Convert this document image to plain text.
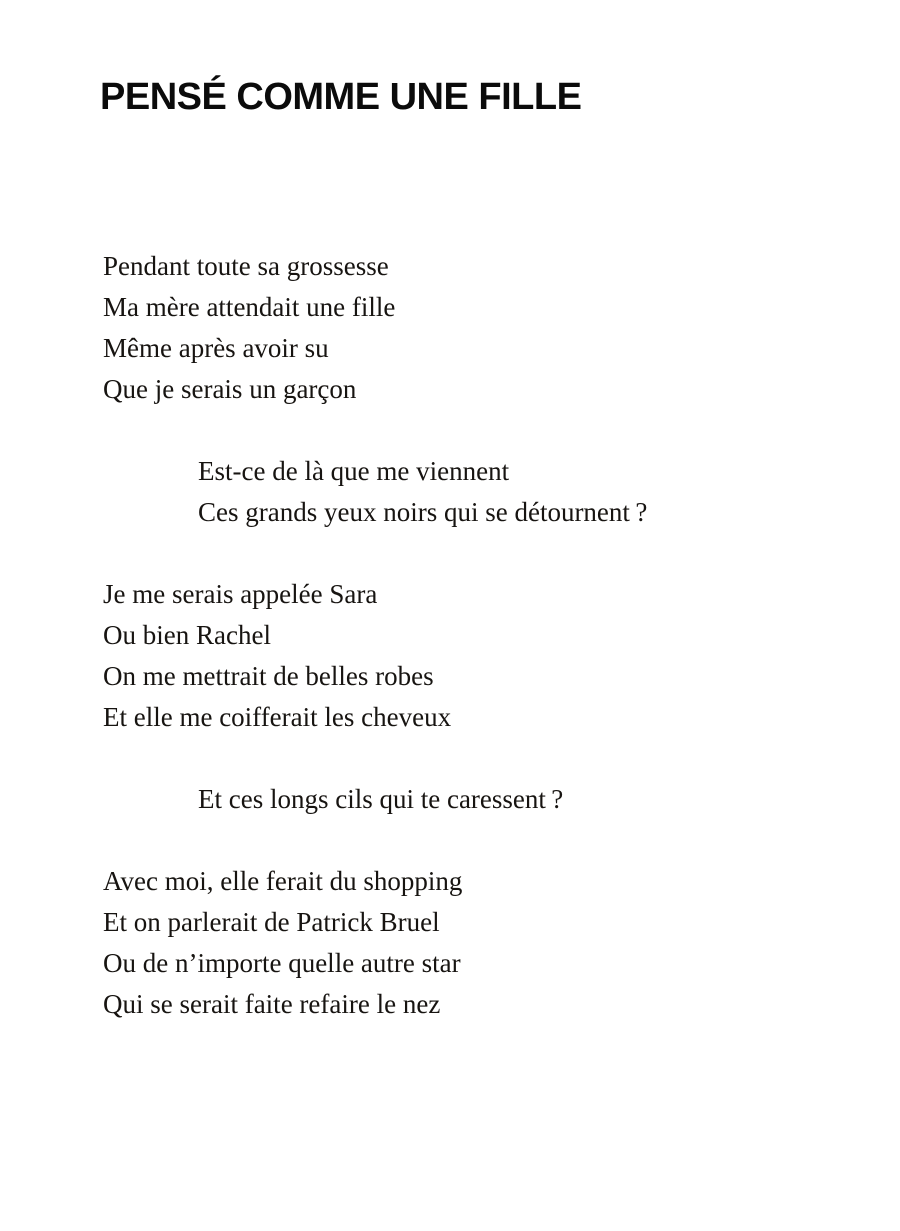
PENSÉ COMME UNE FILLE
Pendant toute sa grossesse
Ma mère attendait une fille
Même après avoir su
Que je serais un garçon
Est-ce de là que me viennent
Ces grands yeux noirs qui se détournent ?
Je me serais appelée Sara
Ou bien Rachel
On me mettrait de belles robes
Et elle me coifferait les cheveux
Et ces longs cils qui te caressent ?
Avec moi, elle ferait du shopping
Et on parlerait de Patrick Bruel
Ou de n’importe quelle autre star
Qui se serait faite refaire le nez
